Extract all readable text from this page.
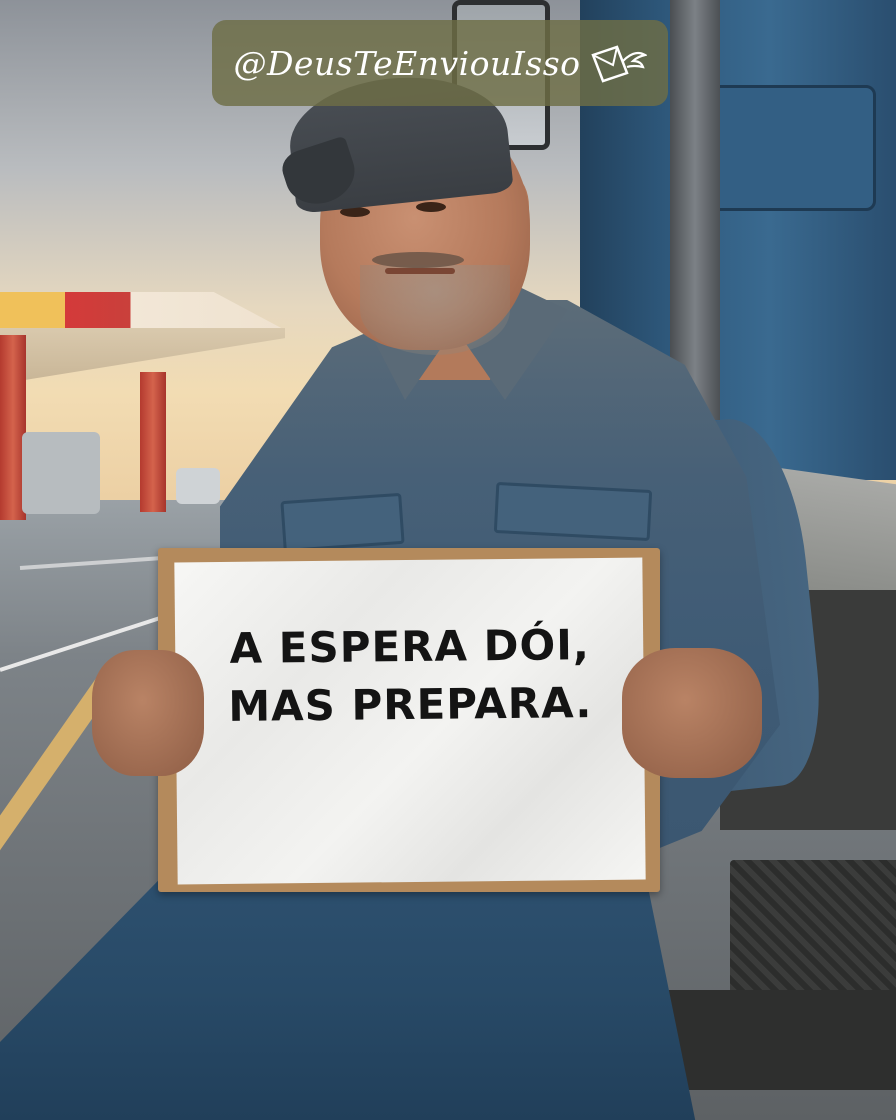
A ESPERA DÓI,
MAS PREPARA.
@DeusTeEnviouIsso
